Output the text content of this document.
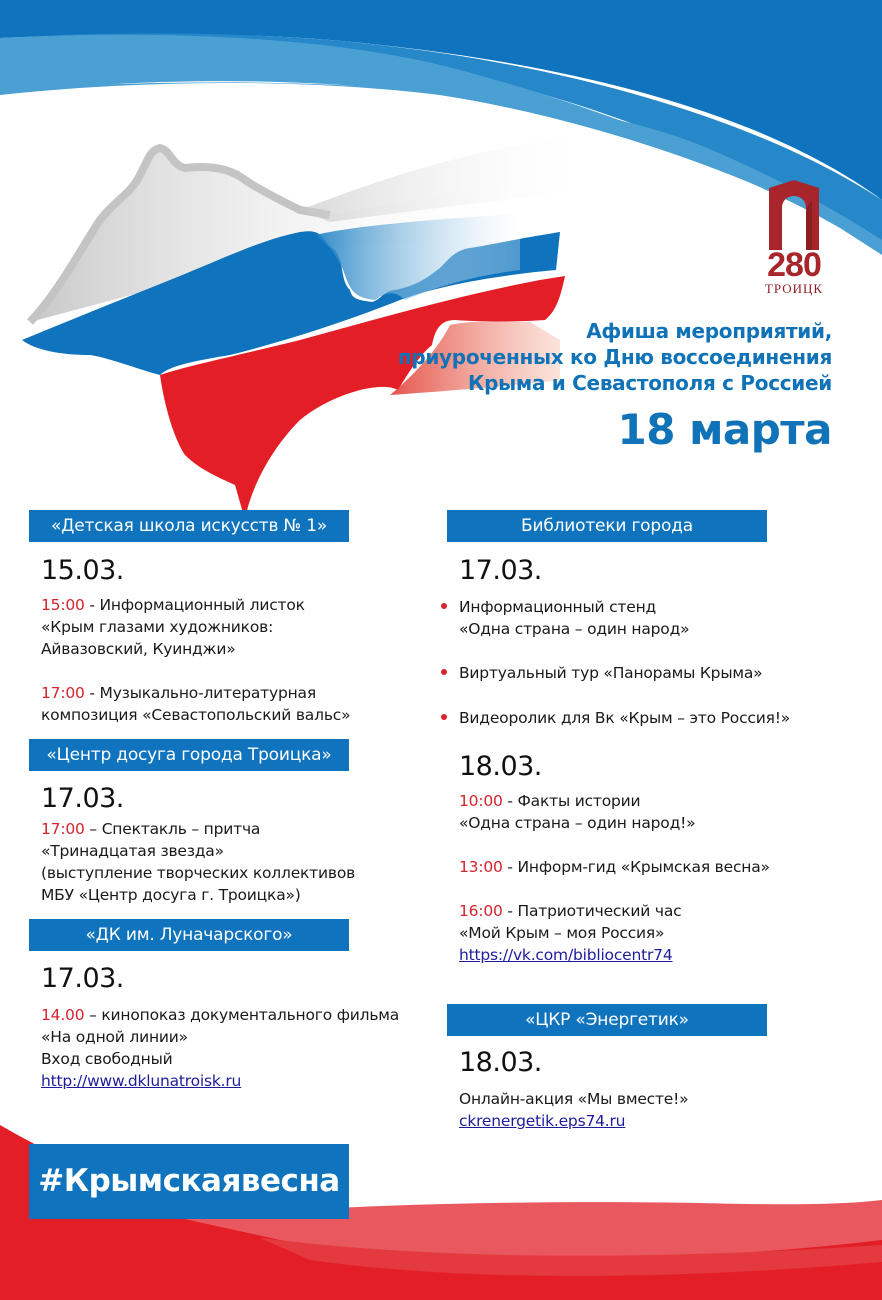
280
ТРОИЦК
Афиша мероприятий,
приуроченных ко Дню воссоединения
Крыма и Севастополя с Россией
18 марта
«Детская школа искусств № 1»
15.03.
15:00 - Информационный листок
«Крым глазами художников:
Айвазовский, Куинджи»
17:00 - Музыкально-литературная
композиция «Севастопольский вальс»
«Центр досуга города Троицка»
17.03.
17:00 – Спектакль – притча
«Тринадцатая звезда»
(выступление творческих коллективов
МБУ «Центр досуга г. Троицка»)
«ДК им. Луначарского»
17.03.
14.00 – кинопоказ документального фильма
«На одной линии»
Вход свободный
http://www.dklunatroisk.ru
Библиотеки города
17.03.
Информационный стенд
«Одна страна – один народ»
Виртуальный тур «Панорамы Крыма»
Видеоролик для Вк «Крым – это Россия!»
18.03.
10:00 - Факты истории
«Одна страна – один народ!»
13:00 - Информ-гид «Крымская весна»
16:00 - Патриотический час
«Мой Крым – моя Россия»
https://vk.com/bibliocentr74
«ЦКР «Энергетик»
18.03.
Онлайн-акция «Мы вместе!»
ckrenergetik.eps74.ru
#Крымскаявесна
